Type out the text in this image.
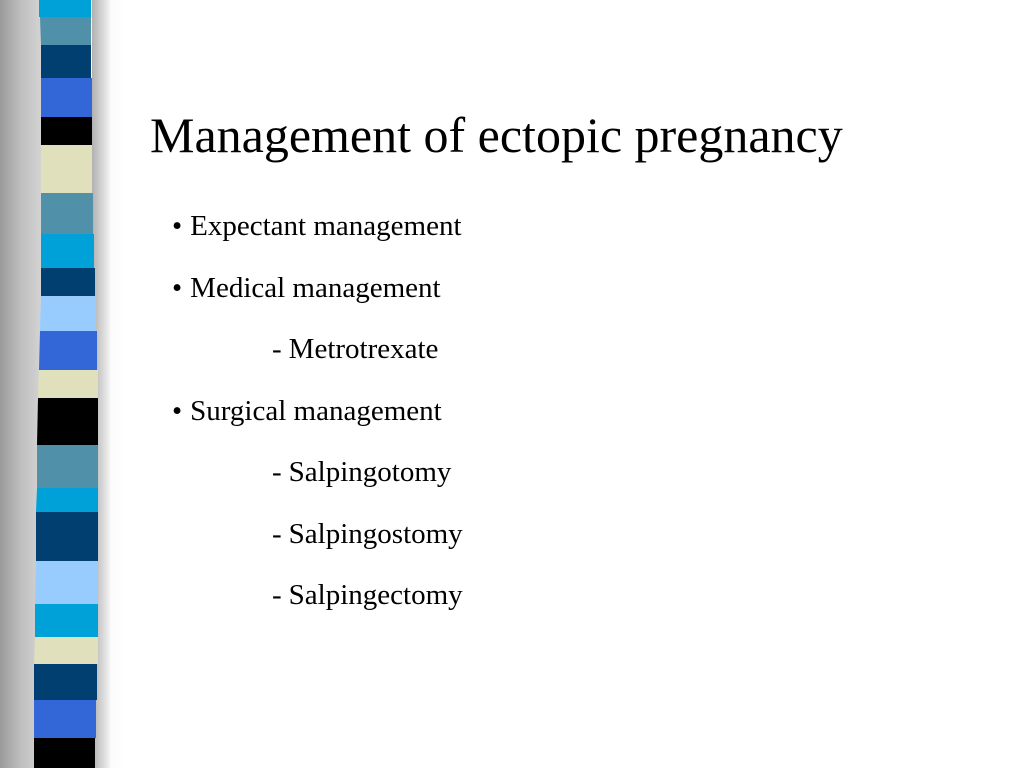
Management of ectopic pregnancy
• Expectant management
• Medical management
- Metrotrexate
• Surgical management
- Salpingotomy
- Salpingostomy
- Salpingectomy
